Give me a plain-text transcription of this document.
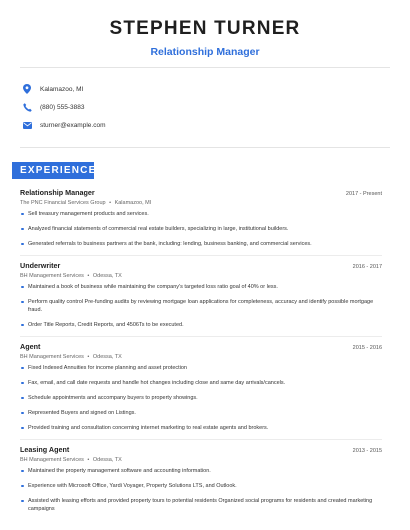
STEPHEN TURNER
Relationship Manager
Kalamazoo, MI
(880) 555-3883
sturner@example.com
EXPERIENCE
Relationship Manager	2017 - Present
The PNC Financial Services Group • Kalamazoo, MI
Sell treasury management products and services.
Analyzed financial statements of commercial real estate builders, specializing in large, institutional builders.
Generated referrals to business partners at the bank, including: lending, business banking, and commercial services.
Underwriter	2016 - 2017
BH Management Services • Odessa, TX
Maintained a book of business while maintaining the company's targeted loss ratio goal of 40% or less.
Perform quality control Pre-funding audits by reviewing mortgage loan applications for completeness, accuracy and identify possible mortgage fraud.
Order Title Reports, Credit Reports, and 4506Ts to be executed.
Agent	2015 - 2016
BH Management Services • Odessa, TX
Fixed Indexed Annuities for income planning and asset protection
Fax, email, and call date requests and handle hot changes including close and same day arrivals/cancels.
Schedule appointments and accompany buyers to property showings.
Represented Buyers and signed on Listings.
Provided training and consultation concerning internet marketing to real estate agents and brokers.
Leasing Agent	2013 - 2015
BH Management Services • Odessa, TX
Maintained the property management software and accounting information.
Experience with Microsoft Office, Yardi Voyager, Property Solutions LTS, and Outlook.
Assisted with leasing efforts and provided property tours to potential residents Organized social programs for residents and created marketing campaigns
